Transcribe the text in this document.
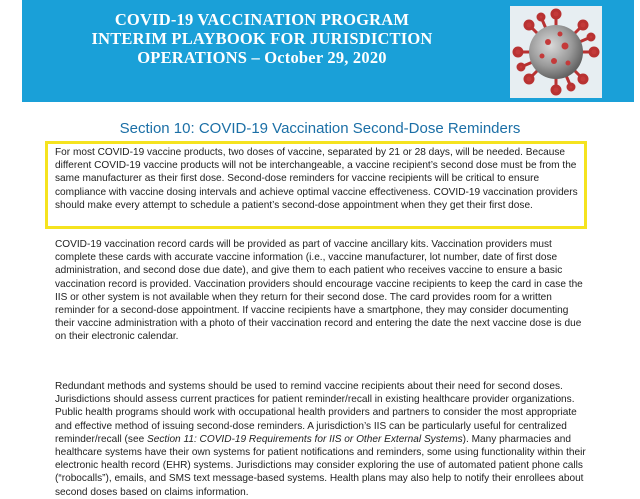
COVID-19 VACCINATION PROGRAM
INTERIM PLAYBOOK FOR JURISDICTION
OPERATIONS – October 29, 2020
Section 10: COVID-19 Vaccination Second-Dose Reminders

For most COVID-19 vaccine products, two doses of vaccine, separated by 21 or 28 days, will be needed. Because different COVID-19 vaccine products will not be interchangeable, a vaccine recipient’s second dose must be from the same manufacturer as their first dose. Second-dose reminders for vaccine recipients will be critical to ensure compliance with vaccine dosing intervals and achieve optimal vaccine effectiveness. COVID-19 vaccination providers should make every attempt to schedule a patient’s second-dose appointment when they get their first dose.

COVID-19 vaccination record cards will be provided as part of vaccine ancillary kits. Vaccination providers must complete these cards with accurate vaccine information (i.e., vaccine manufacturer, lot number, date of first dose administration, and second dose due date), and give them to each patient who receives vaccine to ensure a basic vaccination record is provided. Vaccination providers should encourage vaccine recipients to keep the card in case the IIS or other system is not available when they return for their second dose. The card provides room for a written reminder for a second-dose appointment. If vaccine recipients have a smartphone, they may consider documenting their vaccine administration with a photo of their vaccination record and entering the date the next vaccine dose is due on their electronic calendar.

Redundant methods and systems should be used to remind vaccine recipients about their need for second doses. Jurisdictions should assess current practices for patient reminder/recall in existing healthcare provider organizations. Public health programs should work with occupational health providers and partners to consider the most appropriate and effective method of issuing second-dose reminders. A jurisdiction’s IIS can be particularly useful for centralized reminder/recall (see Section 11: COVID-19 Requirements for IIS or Other External Systems). Many pharmacies and healthcare systems have their own systems for patient notifications and reminders, some using functionality within their electronic health record (EHR) systems. Jurisdictions may consider exploring the use of automated patient phone calls (“robocalls”), emails, and SMS text message-based systems. Health plans may also help to notify their enrollees about second doses based on claims information.
